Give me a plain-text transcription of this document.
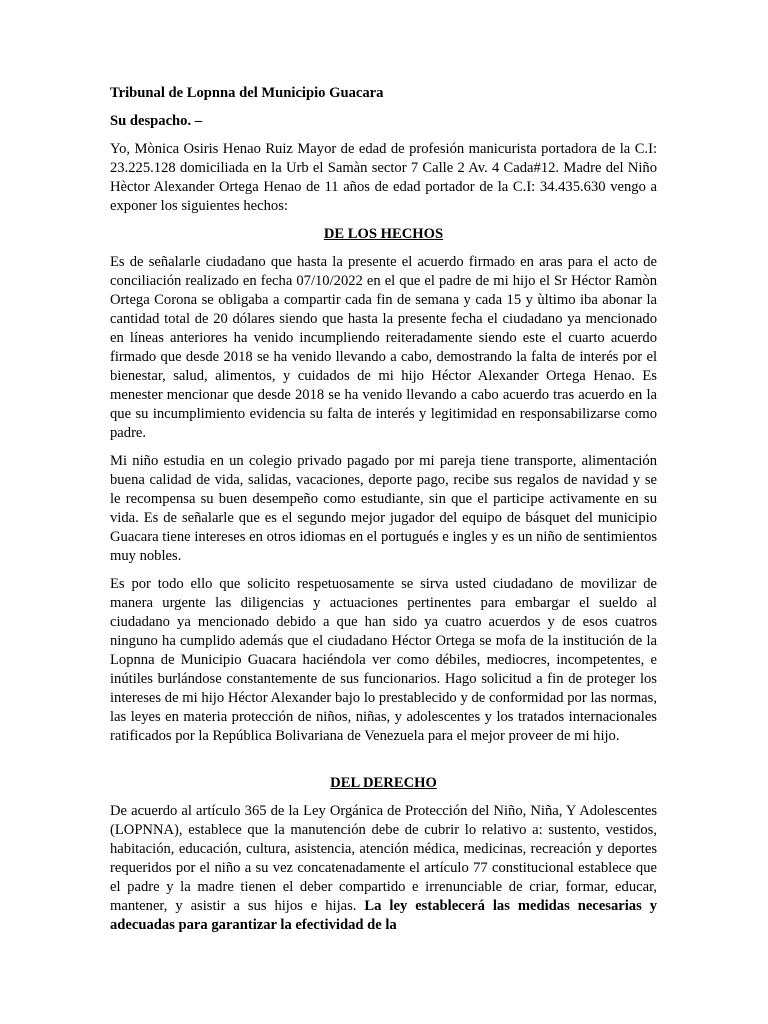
Tribunal de Lopnna del Municipio Guacara

Su despacho. –

Yo, Mònica Osiris Henao Ruiz Mayor de edad de profesión manicurista portadora de la C.I: 23.225.128 domiciliada en la Urb el Samàn sector 7 Calle 2 Av. 4 Cada#12. Madre del Niño Hèctor Alexander Ortega Henao de 11 años de edad portador de la C.I: 34.435.630 vengo a exponer los siguientes hechos:

DE LOS HECHOS

Es de señalarle ciudadano que hasta la presente el acuerdo firmado en aras para el acto de conciliación realizado en fecha 07/10/2022 en el que el padre de mi hijo el Sr Héctor Ramòn Ortega Corona se obligaba a compartir cada fin de semana y cada 15 y ùltimo iba abonar la cantidad total de 20 dólares siendo que hasta la presente fecha el ciudadano ya mencionado en líneas anteriores ha venido incumpliendo reiteradamente siendo este el cuarto acuerdo firmado que desde 2018 se ha venido llevando a cabo, demostrando la falta de interés por el bienestar, salud, alimentos, y cuidados de mi hijo Héctor Alexander Ortega Henao. Es menester mencionar que desde 2018 se ha venido llevando a cabo acuerdo tras acuerdo en la que su incumplimiento evidencia su falta de interés y legitimidad en responsabilizarse como padre.

Mi niño estudia en un colegio privado pagado por mi pareja tiene transporte, alimentación buena calidad de vida, salidas, vacaciones, deporte pago, recibe sus regalos de navidad y se le recompensa su buen desempeño como estudiante, sin que el participe activamente en su vida. Es de señalarle que es el segundo mejor jugador del equipo de básquet del municipio Guacara tiene intereses en otros idiomas en el portugués e ingles y es un niño de sentimientos muy nobles.

Es por todo ello que solicito respetuosamente se sirva usted ciudadano de movilizar de manera urgente las diligencias y actuaciones pertinentes para embargar el sueldo al ciudadano ya mencionado debido a que han sido ya cuatro acuerdos y de esos cuatros ninguno ha cumplido además que el ciudadano Héctor Ortega se mofa de la institución de la Lopnna de Municipio Guacara haciéndola ver como débiles, mediocres, incompetentes, e inútiles burlándose constantemente de sus funcionarios. Hago solicitud a fin de proteger los intereses de mi hijo Héctor Alexander bajo lo prestablecido y de conformidad por las normas, las leyes en materia protección de niños, niñas, y adolescentes y los tratados internacionales ratificados por la República Bolivariana de Venezuela para el mejor proveer de mi hijo.

DEL DERECHO

De acuerdo al artículo 365 de la Ley Orgánica de Protección del Niño, Niña, Y Adolescentes (LOPNNA), establece que la manutención debe de cubrir lo relativo a: sustento, vestidos, habitación, educación, cultura, asistencia, atención médica, medicinas, recreación y deportes requeridos por el niño a su vez concatenadamente el artículo 77 constitucional establece que el padre y la madre tienen el deber compartido e irrenunciable de criar, formar, educar, mantener, y asistir a sus hijos e hijas. La ley establecerá las medidas necesarias y adecuadas para garantizar la efectividad de la
